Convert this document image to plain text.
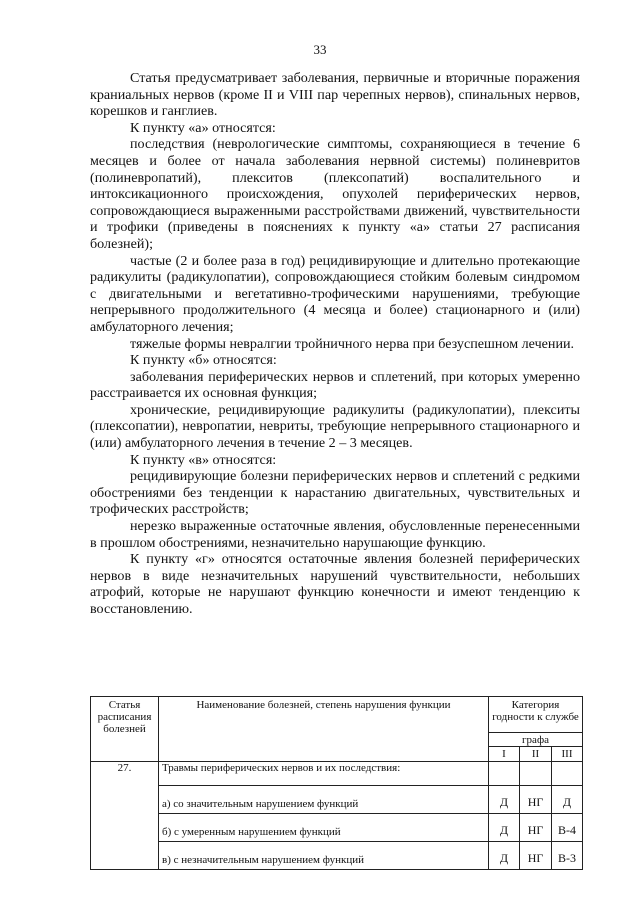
33

Статья предусматривает заболевания, первичные и вторичные поражения краниальных нервов (кроме II и VIII пар черепных нервов), спинальных нервов, корешков и ганглиев.

К пункту «а» относятся:

последствия (неврологические симптомы, сохраняющиеся в течение 6 месяцев и более от начала заболевания нервной системы) полиневритов (полиневропатий), плекситов (плексопатий) воспалительного и интоксикационного происхождения, опухолей периферических нервов, сопровождающиеся выраженными расстройствами движений, чувствительности и трофики (приведены в пояснениях к пункту «а» статьи 27 расписания болезней);

частые (2 и более раза в год) рецидивирующие и длительно протекающие радикулиты (радикулопатии), сопровождающиеся стойким болевым синдромом с двигательными и вегетативно-трофическими нарушениями, требующие непрерывного продолжительного (4 месяца и более) стационарного и (или) амбулаторного лечения;

тяжелые формы невралгии тройничного нерва при безуспешном лечении.

К пункту «б» относятся:

заболевания периферических нервов и сплетений, при которых умеренно расстраивается их основная функция;

хронические, рецидивирующие радикулиты (радикулопатии), плекситы (плексопатии), невропатии, невриты, требующие непрерывного стационарного и (или) амбулаторного лечения в течение 2 – 3 месяцев.

К пункту «в» относятся:

рецидивирующие болезни периферических нервов и сплетений с редкими обострениями без тенденции к нарастанию двигательных, чувствительных и трофических расстройств;

нерезко выраженные остаточные явления, обусловленные перенесенными в прошлом обострениями, незначительно нарушающие функцию.

К пункту «г» относятся остаточные явления болезней периферических нервов в виде незначительных нарушений чувствительности, небольших атрофий, которые не нарушают функцию конечности и имеют тенденцию к восстановлению.

Статья расписания болезней	Наименование болезней, степень нарушения функции	Категория годности к службе		
		графа		
		I	II	III
27.	Травмы периферических нервов и их последствия:			
	а) со значительным нарушением функций	Д	НГ	Д
	б) с умеренным нарушением функций	Д	НГ	В-4
	в) с незначительным нарушением функций	Д	НГ	В-3
